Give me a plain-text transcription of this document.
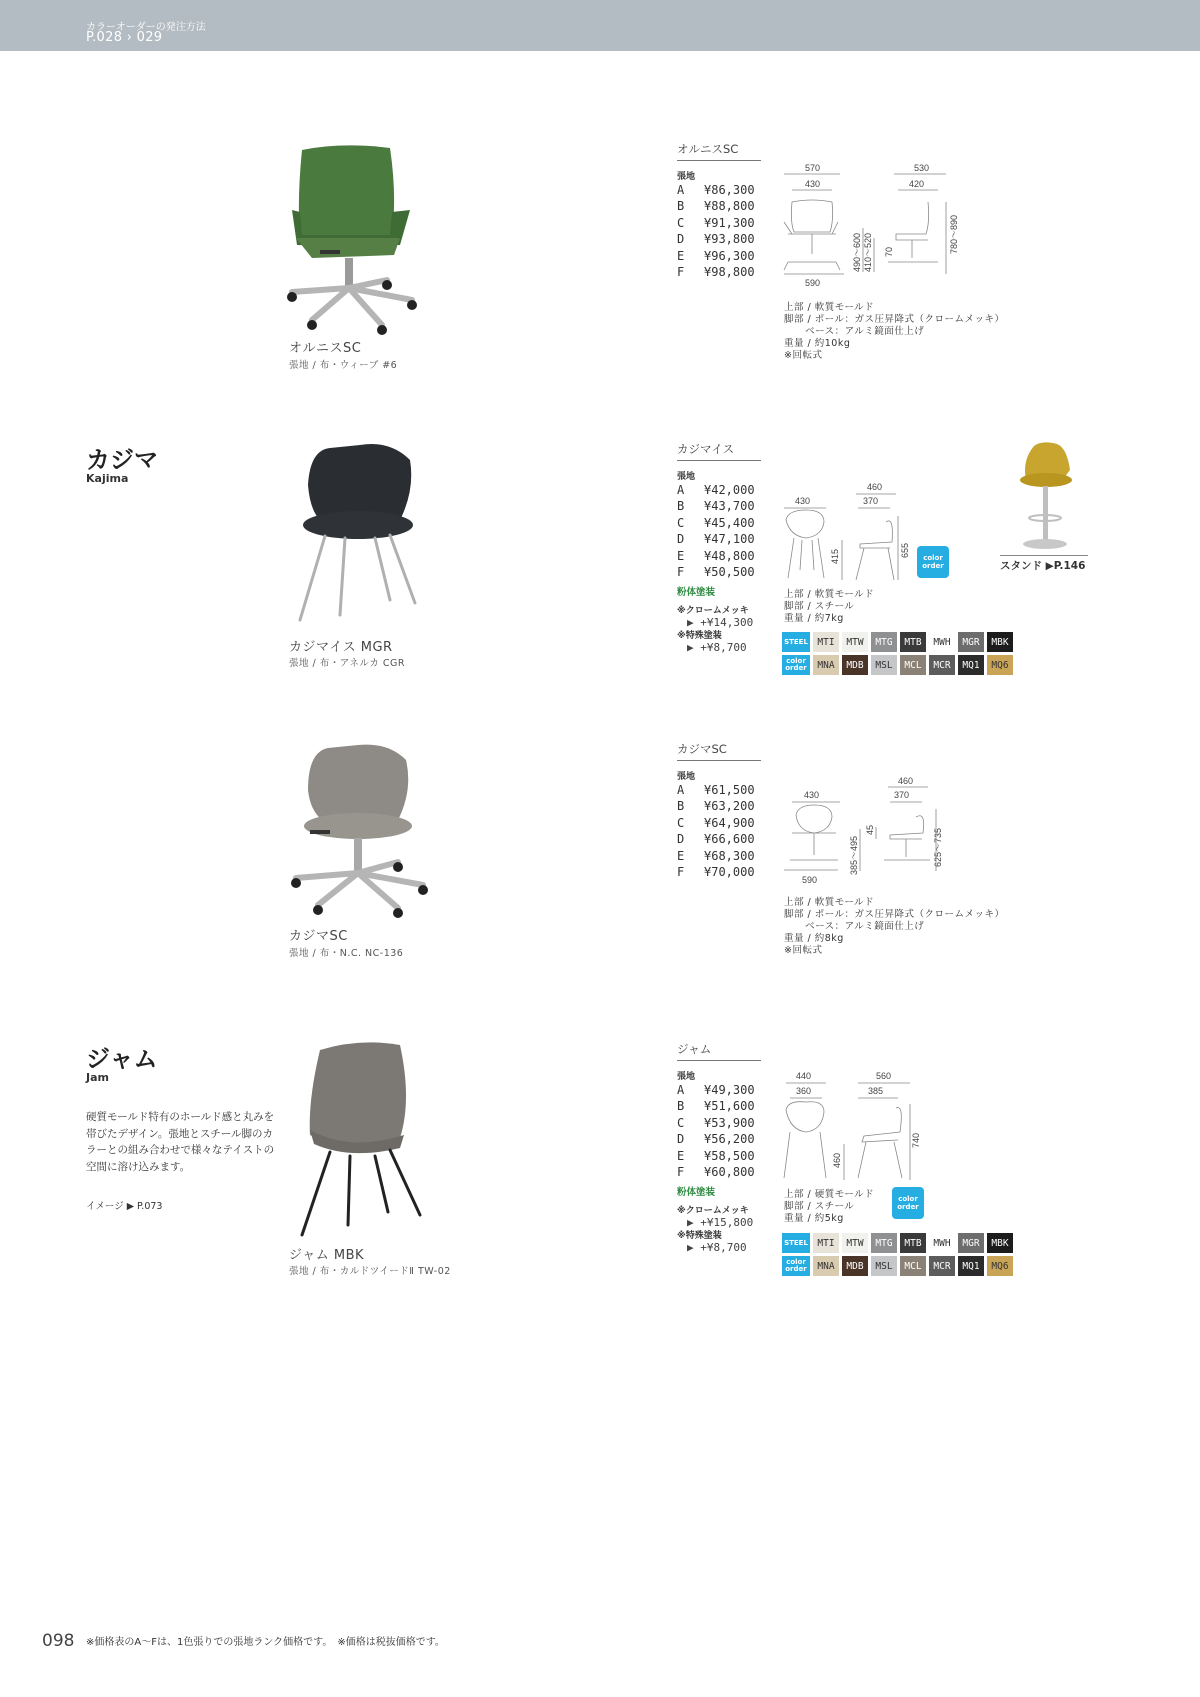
カラーオーダーの発注方法
P.028 › 029
カジマ
Kajima
ジャム
Jam
硬質モールド特有のホールド感と丸みを帯びたデザイン。張地とスチール脚のカラーとの組み合わせで様々なテイストの空間に溶け込みます。
イメージ ▶ P.073
オルニスSC
張地 / 布・ウィーブ #6
オルニスSC
張地
A	¥86,300
B	¥88,800
C	¥91,300
D	¥93,800
E	¥96,300
F	¥98,800
570
430
590
530
420
490～600 410～520 70	780～890
上部 / 軟質モールド
脚部 / ポール：ガス圧昇降式（クロームメッキ）
ベース：アルミ鏡面仕上げ
重量 / 約10kg
※回転式
カジマイス MGR
張地 / 布・アネルカ CGR
カジマイス
張地
A	¥42,000
B	¥43,700
C	¥45,400
D	¥47,100
E	¥48,800
F	¥50,500
粉体塗装
※クロームメッキ
▶ +¥14,300
※特殊塗装
▶ +¥8,700
430
460
370
415	655	color order	スタンド ▶P.146
上部 / 軟質モールド
脚部 / スチール
重量 / 約7kg
STEEL MTI MTW MTG MTB MWH MGR MBK
color order	MNA MDB MSL MCL MCR MQ1 MQ6
カジマSC
張地 / 布・N.C. NC-136
カジマSC
張地
A	¥61,500
B	¥63,200
C	¥64,900
D	¥66,600
E	¥68,300
F	¥70,000
430
590
460
370
385～495
45	625～735
上部 / 軟質モールド
脚部 / ポール：ガス圧昇降式（クロームメッキ）
ベース：アルミ鏡面仕上げ
重量 / 約8kg
※回転式
ジャム MBK
張地 / 布・カルドツイードⅡ TW-02
ジャム
張地
A	¥49,300
B	¥51,600
C	¥53,900
D	¥56,200
E	¥58,500
F	¥60,800
粉体塗装
※クロームメッキ
▶ +¥15,800
※特殊塗装
▶ +¥8,700
440
360
560
385
460
740
color order
上部 / 硬質モールド
脚部 / スチール
重量 / 約5kg
STEEL MTI MTW MTG MTB MWH MGR MBK
color order	MNA MDB MSL MCL MCR MQ1 MQ6
098 ※価格表のA〜Fは、1色張りでの張地ランク価格です。　※価格は税抜価格です。
